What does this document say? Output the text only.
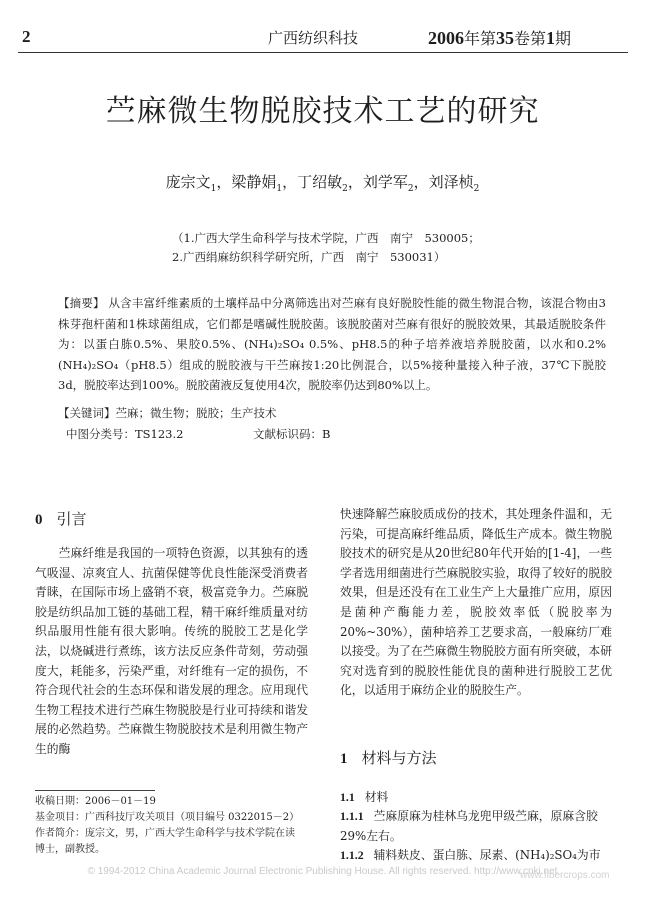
2	广西纺织科技	2006年第35卷第1期
苎麻微生物脱胶技术工艺的研究
庞宗文$_1$，梁静娟$_1$，丁绍敏$_2$，刘学军$_2$，刘泽桢$_2$
（1.广西大学生命科学与技术学院，广西　南宁　530005；
2.广西绢麻纺织科学研究所，广西　南宁　530031）
【摘要】 从含丰富纤维素质的土壤样品中分离筛选出对苎麻有良好脱胶性能的微生物混合物，该混合物由3株芽孢杆菌和1株球菌组成，它们都是嗜碱性脱胶菌。该脱胶菌对苎麻有很好的脱胶效果，其最适脱胶条件为：以蛋白胨0.5%、果胶0.5%、(NH₄)₂SO₄ 0.5%、pH8.5的种子培养液培养脱胶菌，以水和0.2% (NH₄)₂SO₄（pH8.5）组成的脱胶液与干苎麻按1:20比例混合，以5%接种量接入种子液，37℃下脱胶3d，脱胶率达到100%。脱胶菌液反复使用4次，脱胶率仍达到80%以上。
【关键词】苎麻；微生物；脱胶；生产技术
中图分类号：TS123.2	文献标识码：B
0 引言

苎麻纤维是我国的一项特色资源，以其独有的透气吸湿、凉爽宜人、抗菌保健等优良性能深受消费者青睐，在国际市场上盛销不衰，极富竞争力。苎麻脱胶是纺织品加工链的基础工程，精干麻纤维质量对纺织品服用性能有很大影响。传统的脱胶工艺是化学法，以烧碱进行煮练，该方法反应条件苛刻，劳动强度大，耗能多，污染严重，对纤维有一定的损伤，不符合现代社会的生态环保和谐发展的理念。应用现代生物工程技术进行苎麻生物脱胶是行业可持续和谐发展的必然趋势。苎麻微生物脱胶技术是利用微生物产生的酶

收稿日期：2006－01－19
基金项目：广西科技厅攻关项目（项目编号 0322015－2）
作者简介：庞宗文，男，广西大学生命科学与技术学院在读
博士，副教授。

快速降解苎麻胶质成份的技术，其处理条件温和，无污染，可提高麻纤维品质，降低生产成本。微生物脱胶技术的研究是从20世纪80年代开始的[1-4]，一些学者选用细菌进行苎麻脱胶实验，取得了较好的脱胶效果，但是还没有在工业生产上大量推广应用，原因是菌种产酶能力差，脱胶效率低（脱胶率为20%~30%），菌种培养工艺要求高，一般麻纺厂难以接受。为了在苎麻微生物脱胶方面有所突破，本研究对选育到的脱胶性能优良的菌种进行脱胶工艺优化，以适用于麻纺企业的脱胶生产。

1 材料与方法
1.1 材料
1.1.1 苎麻原麻为桂林乌龙兜甲级苎麻，原麻含胶29%左右。
1.1.2 辅料麸皮、蛋白胨、尿素、(NH₄)₂SO₄为市
© 1994-2012 China Academic Journal Electronic Publishing House. All rights reserved. http://www.cnki.net
www.fibercrops.com
